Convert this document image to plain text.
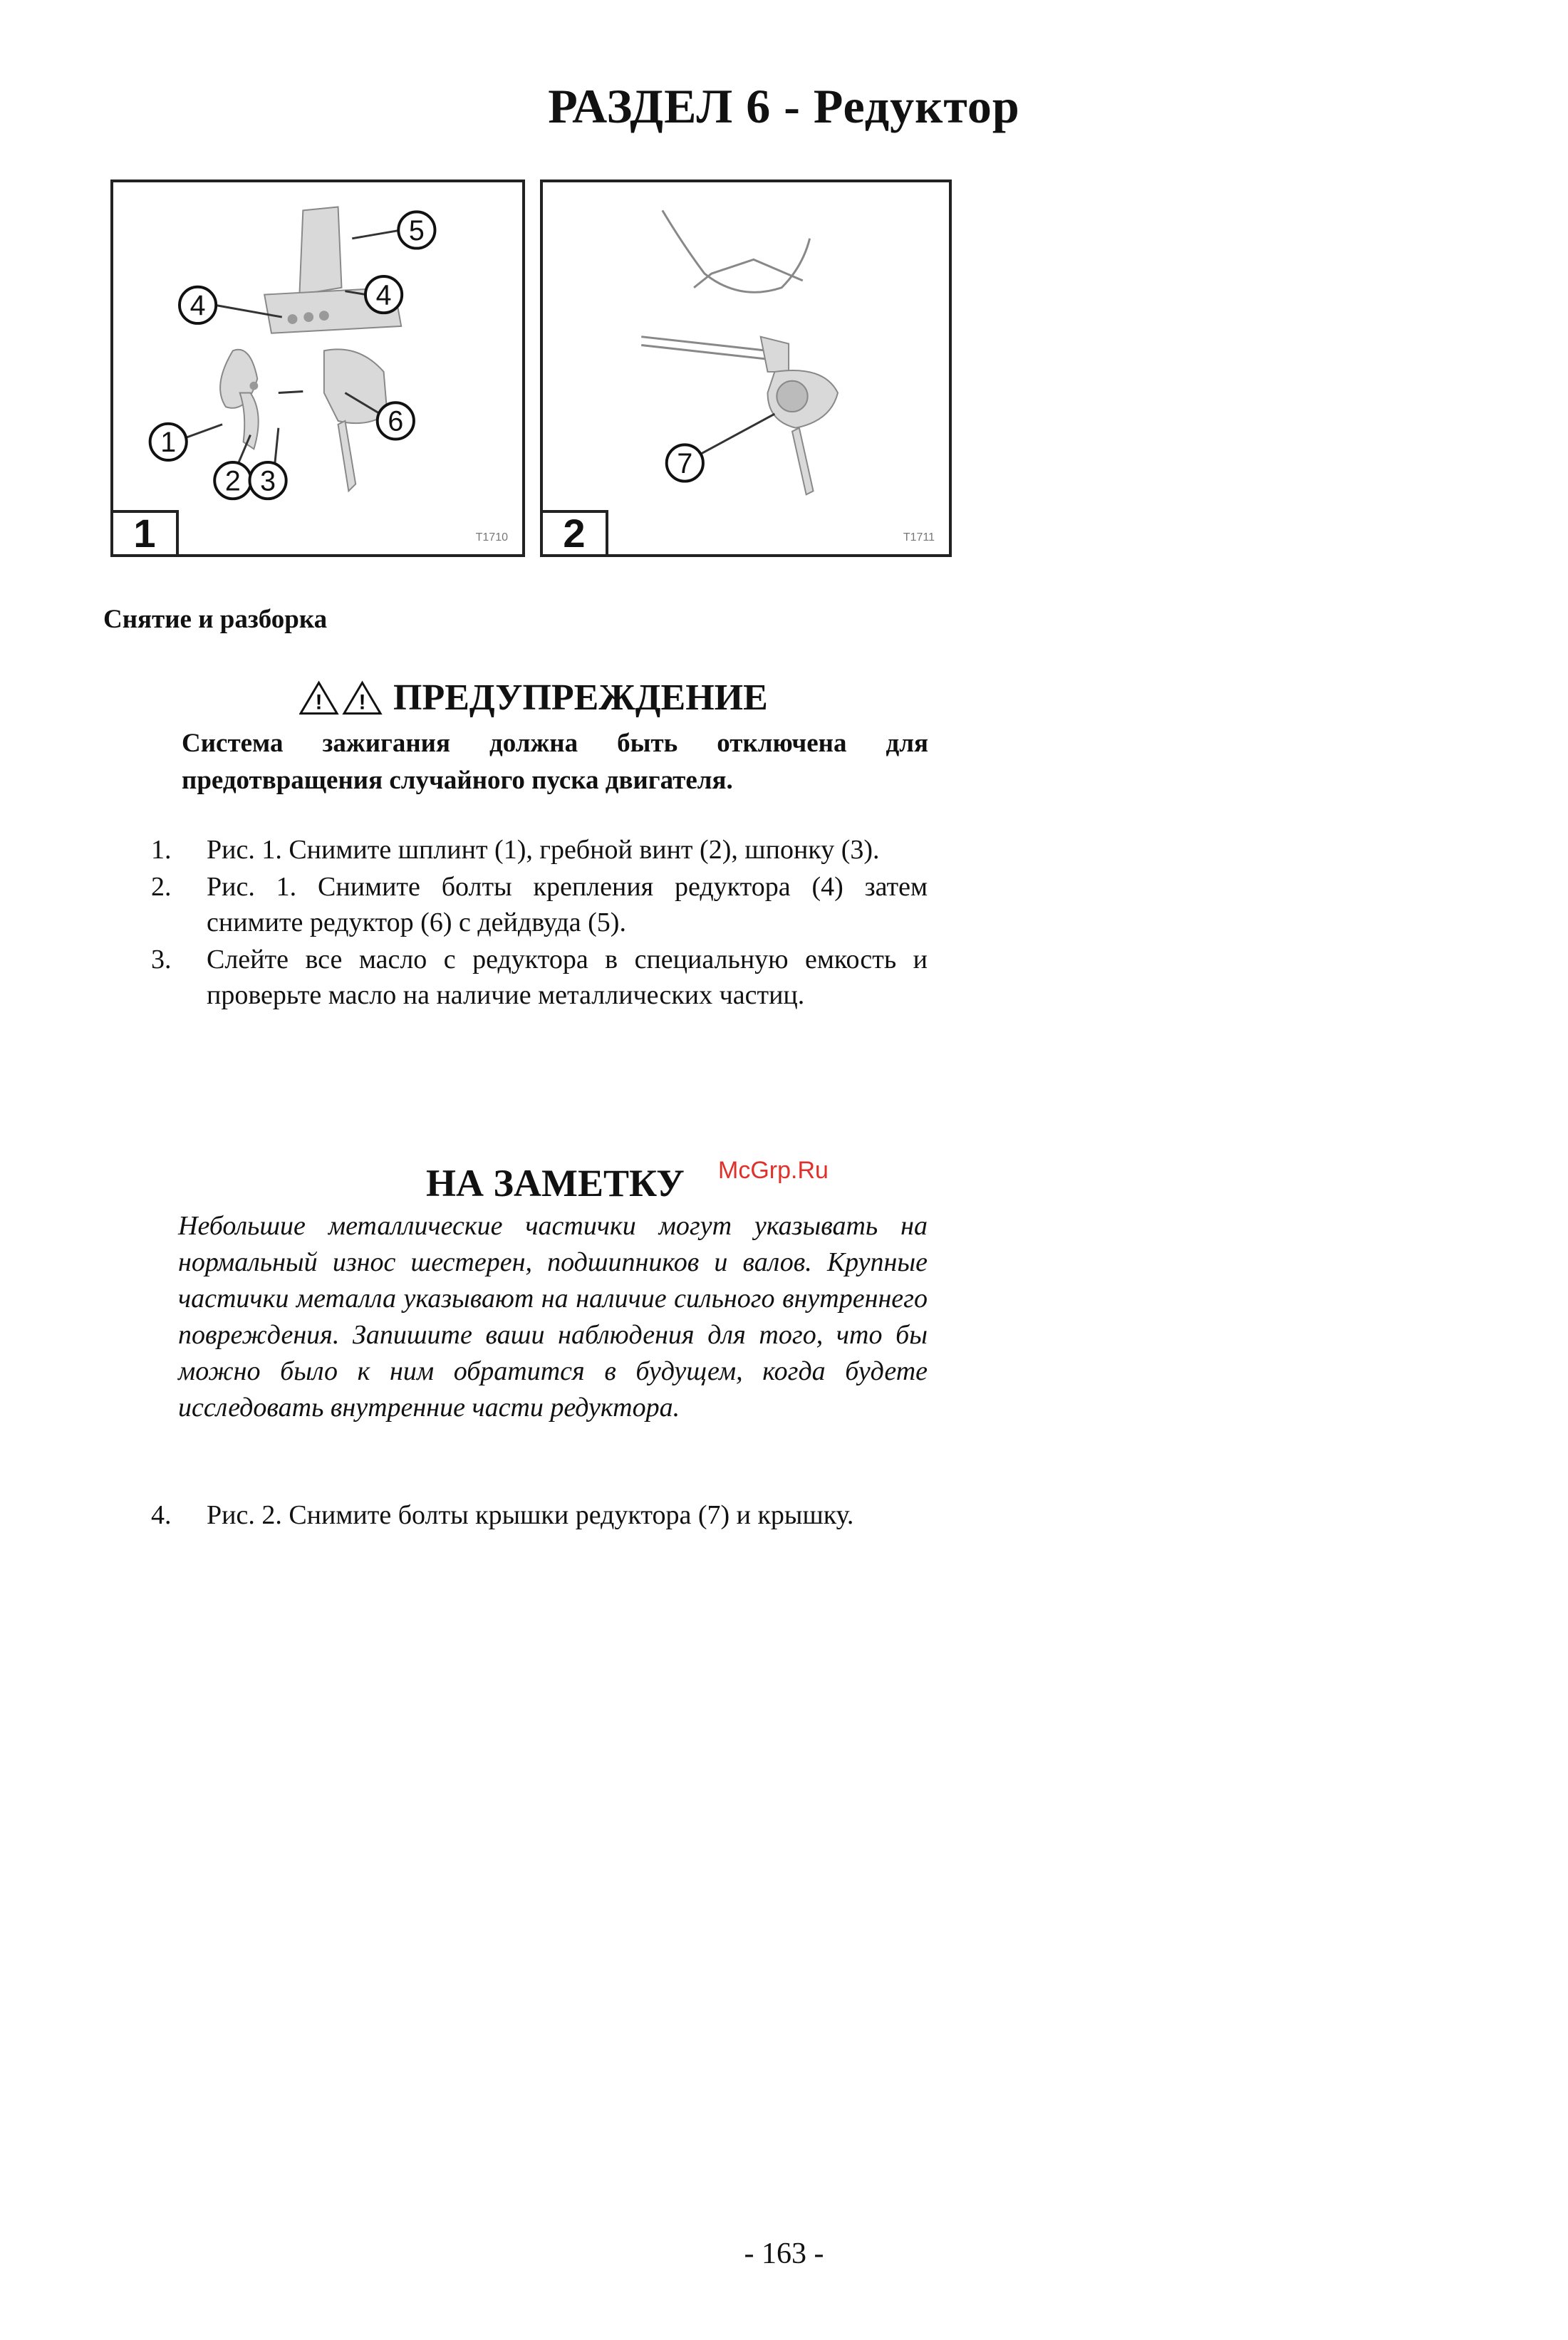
РАЗДЕЛ 6 - Редуктор
5
4
4
1
6
2 3
1	T1710
7
2	T1711
Снятие и разборка
! ! ПРЕДУПРЕЖДЕНИЕ
Система зажигания должна быть отключена для предотвращения случайного пуска двигателя.
1. Рис. 1. Снимите шплинт (1), гребной винт (2), шпонку (3).
2. Рис. 1. Снимите болты крепления редуктора (4) затем снимите редуктор (6) с дейдвуда (5).
3. Слейте все масло с редуктора в специальную емкость и проверьте масло на наличие металлических частиц.
НА ЗАМЕТКУ McGrp.Ru
Небольшие металлические частички могут указывать на нормальный износ шестерен, подшипников и валов. Крупные частички металла указывают на наличие сильного внутреннего повреждения. Запишите ваши наблюдения для того, что бы можно было к ним обратится в будущем, когда будете исследовать внутренние части редуктора.
4. Рис. 2. Снимите болты крышки редуктора (7) и крышку.
- 163 -
